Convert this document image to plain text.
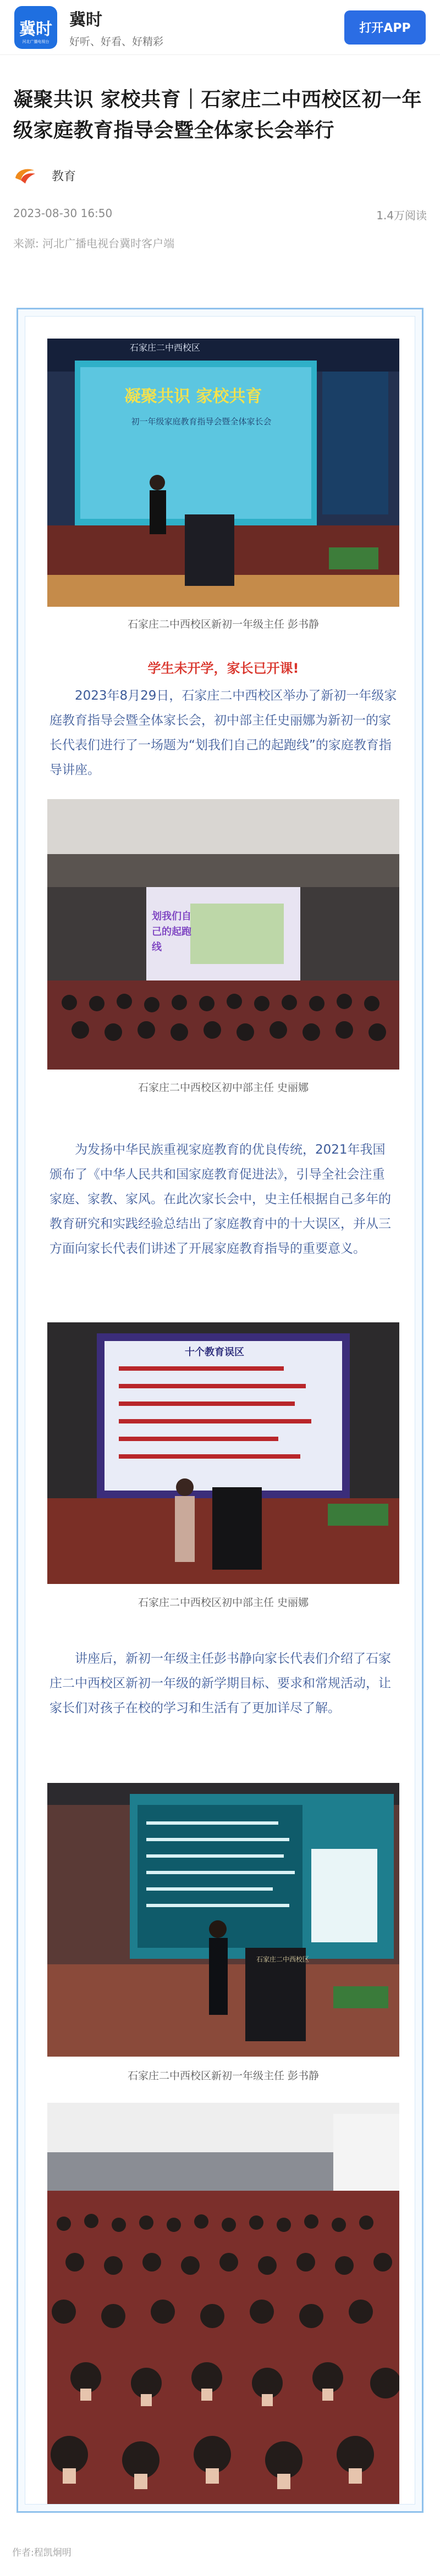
冀时
河北广播电视台
冀时
好听、好看、好精彩
打开APP
凝聚共识 家校共育｜石家庄二中西校区初一年级家庭教育指导会暨全体家长会举行
教育
2023-08-30 16:50	1.4万阅读
来源: 河北广播电视台冀时客户端
凝聚共识 家校共育
初一年级家庭教育指导会暨全体家长会
石家庄二中西校区
石家庄二中西校区新初一年级主任 彭书静
学生未开学，家长已开课!
2023年8月29日，石家庄二中西校区举办了新初一年级家庭教育指导会暨全体家长会，初中部主任史丽娜为新初一的家长代表们进行了一场题为“划我们自己的起跑线”的家庭教育指导讲座。
划我们自己的起跑线
石家庄二中西校区初中部主任 史丽娜
为发扬中华民族重视家庭教育的优良传统，2021年我国颁布了《中华人民共和国家庭教育促进法》，引导全社会注重家庭、家教、家风。在此次家长会中，史主任根据自己多年的教育研究和实践经验总结出了家庭教育中的十大误区，并从三方面向家长代表们讲述了开展家庭教育指导的重要意义。
十个教育误区
石家庄二中西校区初中部主任 史丽娜
讲座后，新初一年级主任彭书静向家长代表们介绍了石家庄二中西校区新初一年级的新学期目标、要求和常规活动，让家长们对孩子在校的学习和生活有了更加详尽了解。
石家庄二中西校区
石家庄二中西校区新初一年级主任 彭书静
作者:程凯炯明
